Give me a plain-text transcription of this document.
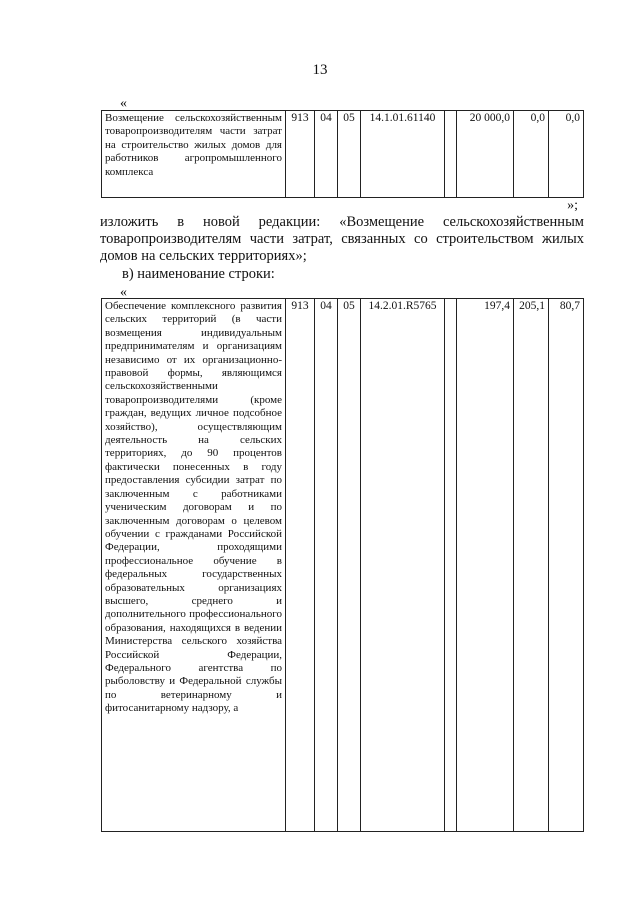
13
«
Возмещение сельскохозяйственным товаропроизводителям части затрат на строительство жилых домов для работников агропромышленного комплекса	913	04	05	14.1.01.61140		20 000,0	0,0	0,0
»;
изложить в новой редакции: «Возмещение сельскохозяйственным товаропроизводителям части затрат, связанных со строительством жилых домов на сельских территориях»;
в) наименование строки:
«
Обеспечение комплексного развития сельских территорий (в части возмещения индивидуальным предпринимателям и организациям независимо от их организационно-правовой формы, являющимся сельскохозяйственными товаропроизводителями (кроме граждан, ведущих личное подсобное хозяйство), осуществляющим деятельность на сельских территориях, до 90 процентов фактически понесенных в году предоставления субсидии затрат по заключенным с работниками ученическим договорам и по заключенным договорам о целевом обучении с гражданами Российской Федерации, проходящими профессиональное обучение в федеральных государственных образовательных организациях высшего, среднего и дополнительного профессионального образования, находящихся в ведении Министерства сельского хозяйства Российской Федерации, Федерального агентства по рыболовству и Федеральной службы по ветеринарному и фитосанитарному надзору, а	913	04	05	14.2.01.R5765		197,4	205,1	80,7
